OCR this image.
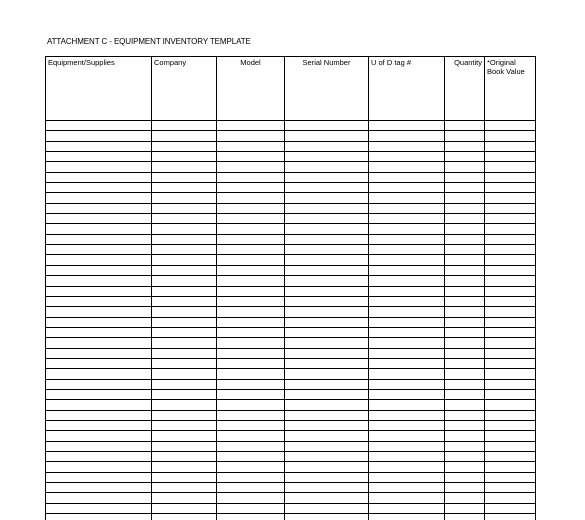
ATTACHMENT C - EQUIPMENT INVENTORY TEMPLATE
Equipment/Supplies	Company	Model	Serial Number	U of D tag #	Quantity	*Original Book Value
